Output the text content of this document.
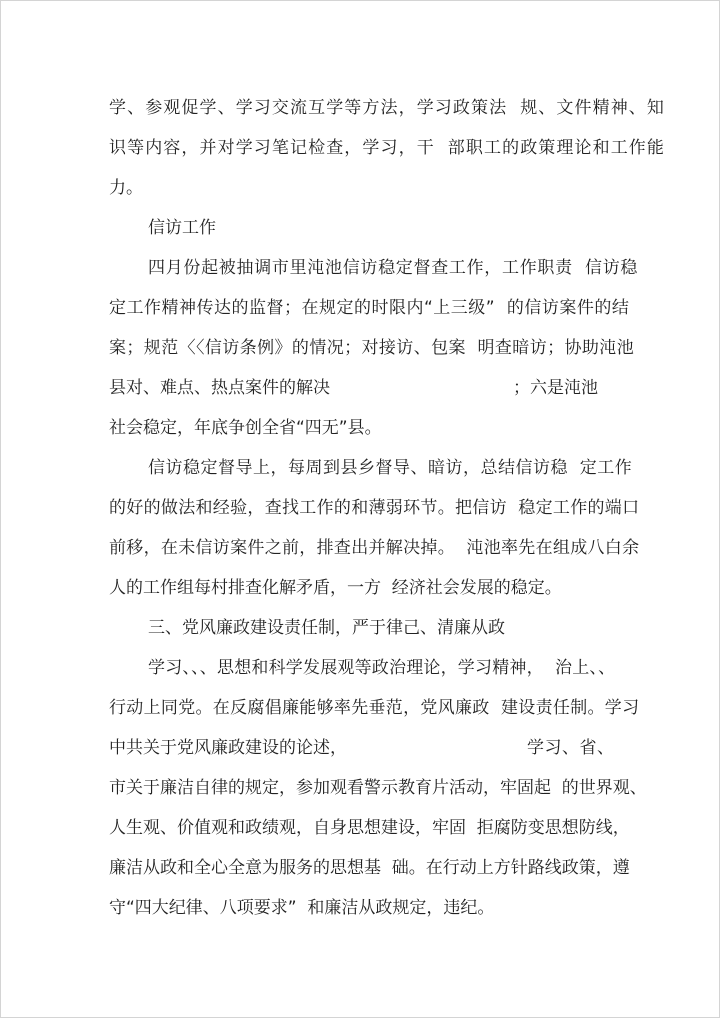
学、参观促学、学习交流互学等方法，学习政策法  规、文件精神、知
识等内容，并对学习笔记检查，学习，干  部职工的政策理论和工作能
力。
信访工作
四月份起被抽调市里沌池信访稳定督查工作，工作职责  信访稳
定工作精神传达的监督；在规定的时限内“上三级”  的信访案件的结
案；规范〈〈信访条例》的情况；对接访、包案  明查暗访；协助沌池
县对、难点、热点案件的解决	；六是沌池
社会稳定，年底争创全省“四无”县。
信访稳定督导上，每周到县乡督导、暗访，总结信访稳  定工作
的好的做法和经验，查找工作的和薄弱环节。把信访  稳定工作的端口
前移，在未信访案件之前，排查出并解决掉。  沌池率先在组成八白余
人的工作组每村排查化解矛盾，一方  经济社会发展的稳定。
三、党风廉政建设责任制，严于律己、清廉从政
学习、、、思想和科学发展观等政治理论，学习精神，  治上、、
行动上同党。在反腐倡廉能够率先垂范，党风廉政  建设责任制。学习
中共关于党风廉政建设的论述，	学习、省、
市关于廉洁自律的规定，参加观看警示教育片活动，牢固起  的世界观、
人生观、价值观和政绩观，自身思想建设，牢固  拒腐防变思想防线，
廉洁从政和全心全意为服务的思想基  础。在行动上方针路线政策，遵
守“四大纪律、八项要求”  和廉洁从政规定，违纪。
